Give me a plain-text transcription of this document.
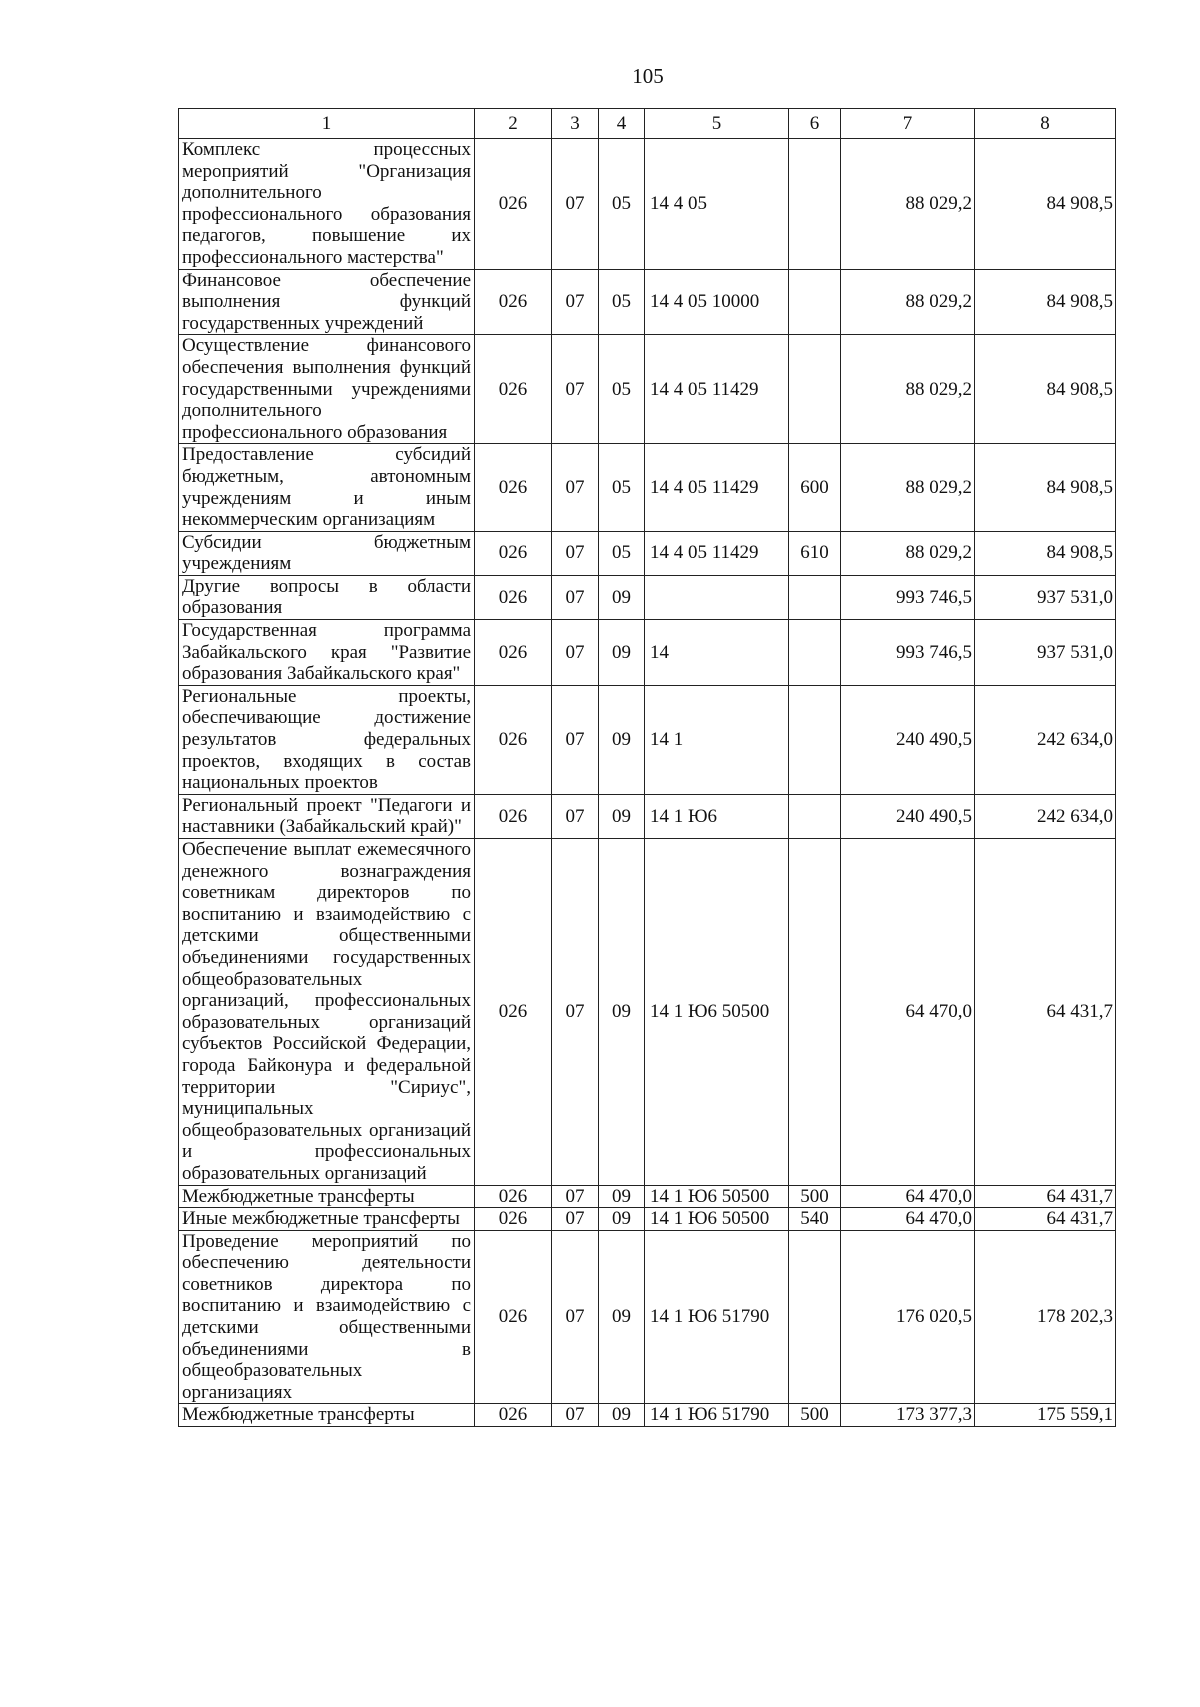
105
1	2	3	4	5	6	7	8
Комплекс процессных мероприятий "Организация дополнительного профессионального образования педагогов, повышение их профессионального мастерства"	026	07	05	14 4 05		88 029,2	84 908,5
Финансовое обеспечение выполнения функций государственных учреждений	026	07	05	14 4 05 10000		88 029,2	84 908,5
Осуществление финансового обеспечения выполнения функций государственными учреждениями дополнительного профессионального образования	026	07	05	14 4 05 11429		88 029,2	84 908,5
Предоставление субсидий бюджетным, автономным учреждениям и иным некоммерческим организациям	026	07	05	14 4 05 11429	600	88 029,2	84 908,5
Субсидии бюджетным учреждениям	026	07	05	14 4 05 11429	610	88 029,2	84 908,5
Другие вопросы в области образования	026	07	09			993 746,5	937 531,0
Государственная программа Забайкальского края "Развитие образования Забайкальского края"	026	07	09	14		993 746,5	937 531,0
Региональные проекты, обеспечивающие достижение результатов федеральных проектов, входящих в состав национальных проектов	026	07	09	14 1		240 490,5	242 634,0
Региональный проект "Педагоги и наставники (Забайкальский край)"	026	07	09	14 1 Ю6		240 490,5	242 634,0
Обеспечение выплат ежемесячного денежного вознаграждения советникам директоров по воспитанию и взаимодействию с детскими общественными объединениями государственных общеобразовательных организаций, профессиональных образовательных организаций субъектов Российской Федерации, города Байконура и федеральной территории "Сириус", муниципальных общеобразовательных организаций и профессиональных образовательных организаций	026	07	09	14 1 Ю6 50500		64 470,0	64 431,7
Межбюджетные трансферты	026	07	09	14 1 Ю6 50500	500	64 470,0	64 431,7
Иные межбюджетные трансферты	026	07	09	14 1 Ю6 50500	540	64 470,0	64 431,7
Проведение мероприятий по обеспечению деятельности советников директора по воспитанию и взаимодействию с детскими общественными объединениями в общеобразовательных организациях	026	07	09	14 1 Ю6 51790		176 020,5	178 202,3
Межбюджетные трансферты	026	07	09	14 1 Ю6 51790	500	173 377,3	175 559,1
